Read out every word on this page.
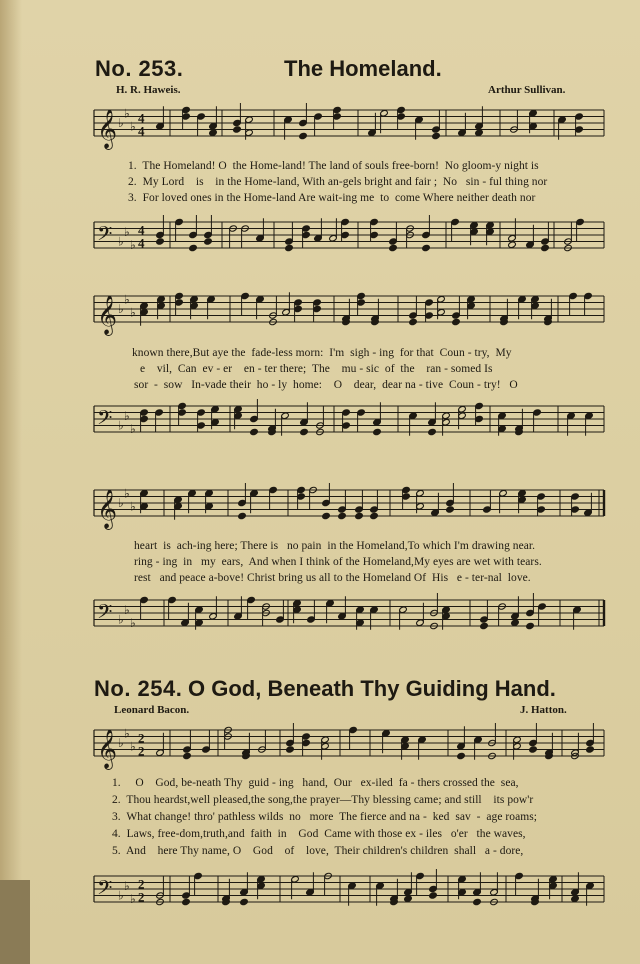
No. 253.	The Homeland.
H. R. Haweis.	Arthur Sullivan.
1.  The Homeland! O  the Home-land! The land of souls free-born!  No gloom-y night is
2.  My Lord    is    in the Home-land, With an-gels bright and fair ;  No   sin - ful thing nor
3.  For loved ones in the Home-land Are wait-ing me  to  come Where neither death nor
known there,But aye the  fade-less morn:  I'm  sigh - ing  for that  Coun - try,  My
e    vil,  Can  ev - er    en - ter there;  The    mu - sic  of  the    ran - somed Is
sor  -  sow   In-vade their  ho - ly  home:    O    dear,  dear na - tive  Coun - try!   O
heart  is  ach-ing here; There is   no pain  in the Homeland,To which I'm drawing near.
ring - ing  in   my  ears,  And when I think of the Homeland,My eyes are wet with tears.
rest   and peace a-bove! Christ bring us all to the Homeland Of  His   e - ter-nal  love.
No. 254. O God, Beneath Thy Guiding Hand.
Leonard Bacon.	J. Hatton.
1.     O    God, be-neath Thy  guid - ing   hand,  Our   ex-iled  fa - thers crossed the  sea,
2.  Thou heardst,well pleased,the song,the prayer—Thy blessing came; and still    its pow'r
3.  What change! thro' pathless wilds  no   more  The fierce and na -  ked  sav  -  age roams;
4.  Laws, free-dom,truth,and  faith  in    God  Came with those ex - iles   o'er   the waves,
5.  And    here Thy name, O    God    of    love,  Their children's children  shall   a - dore,
𝄞 ♭
♭
♭
4
4
𝄢 ♭
♭
♭
4
4
𝄞 ♭
♭
♭
𝄢 ♭
♭
♭
𝄞 ♭
♭
♭
𝄢 ♭
♭
♭
𝄞 ♭
♭
♭
2
2
𝄢 ♭
♭
♭
2
2
